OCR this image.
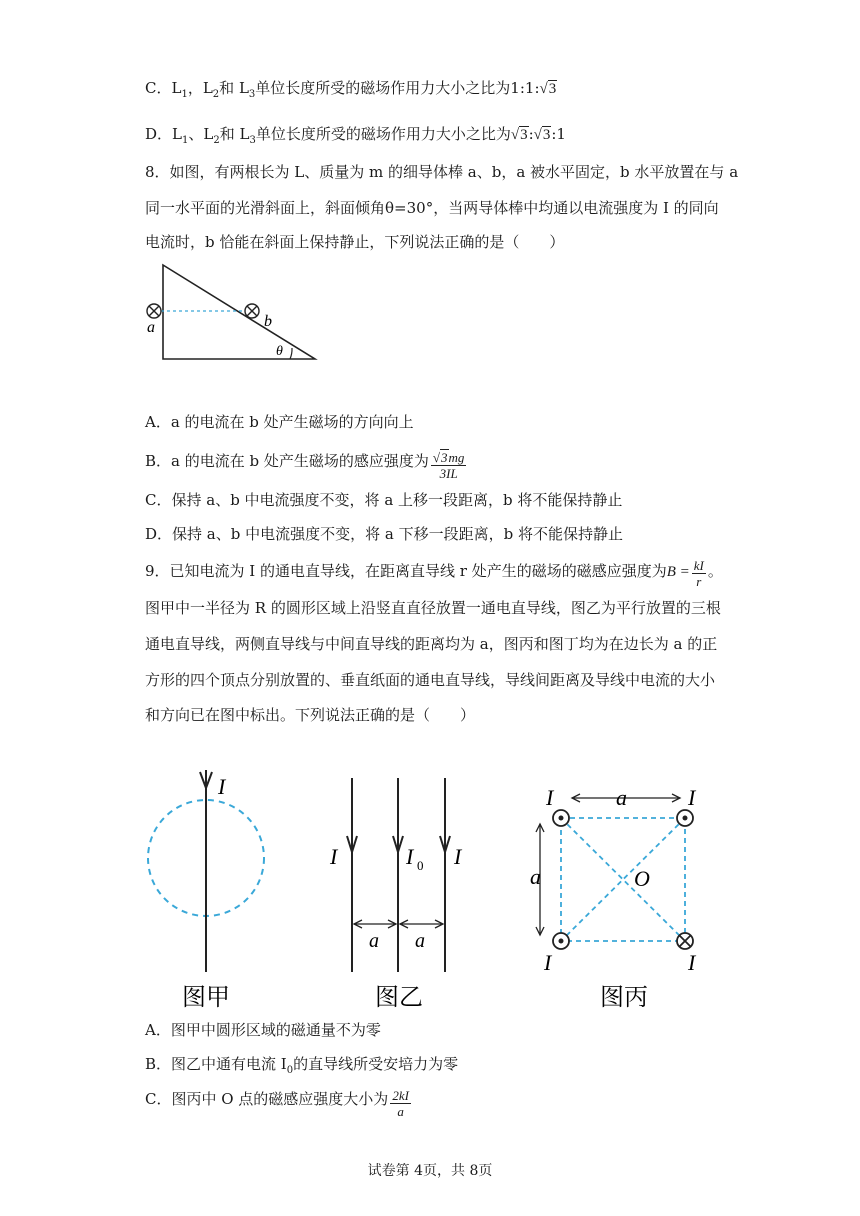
C．$L_1$，$L_2$和 $L_3$单位长度所受的磁场作用力大小之比为1:1:√3
D．$L_1$、$L_2$和 $L_3$单位长度所受的磁场作用力大小之比为√3:√3:1
8．如图，有两根长为 L、质量为 m 的细导体棒 a、b，a 被水平固定，b 水平放置在与 a
同一水平面的光滑斜面上，斜面倾角θ=30°，当两导体棒中均通以电流强度为 I 的同向
电流时，b 恰能在斜面上保持静止，下列说法正确的是（　　）
a	b
θ
A．a 的电流在 b 处产生磁场的方向向上
B．a 的电流在 b 处产生磁场的感应强度为 $\frac{√3mg}{3IL}$
C．保持 a、b 中电流强度不变，将 a 上移一段距离，b 将不能保持静止
D．保持 a、b 中电流强度不变，将 a 下移一段距离，b 将不能保持静止
9．已知电流为 I 的通电直导线，在距离直导线 r 处产生的磁场的磁感应强度为$B = \frac{kI}{r}$ 。
图甲中一半径为 R 的圆形区域上沿竖直直径放置一通电直导线，图乙为平行放置的三根
通电直导线，两侧直导线与中间直导线的距离均为 a，图丙和图丁均为在边长为 a 的正
方形的四个顶点分别放置的、垂直纸面的通电直导线，导线间距离及导线中电流的大小
和方向已在图中标出。下列说法正确的是（　　）
I
图甲
I	I 0 I
a a
图乙
I	I
I	I
a
a	O
图丙
A．图甲中圆形区域的磁通量不为零
B．图乙中通有电流 $I_0$的直导线所受安培力为零
C．图丙中 O 点的磁感应强度大小为 $\frac{2kI}{a}$
试卷第 4页，共 8页
